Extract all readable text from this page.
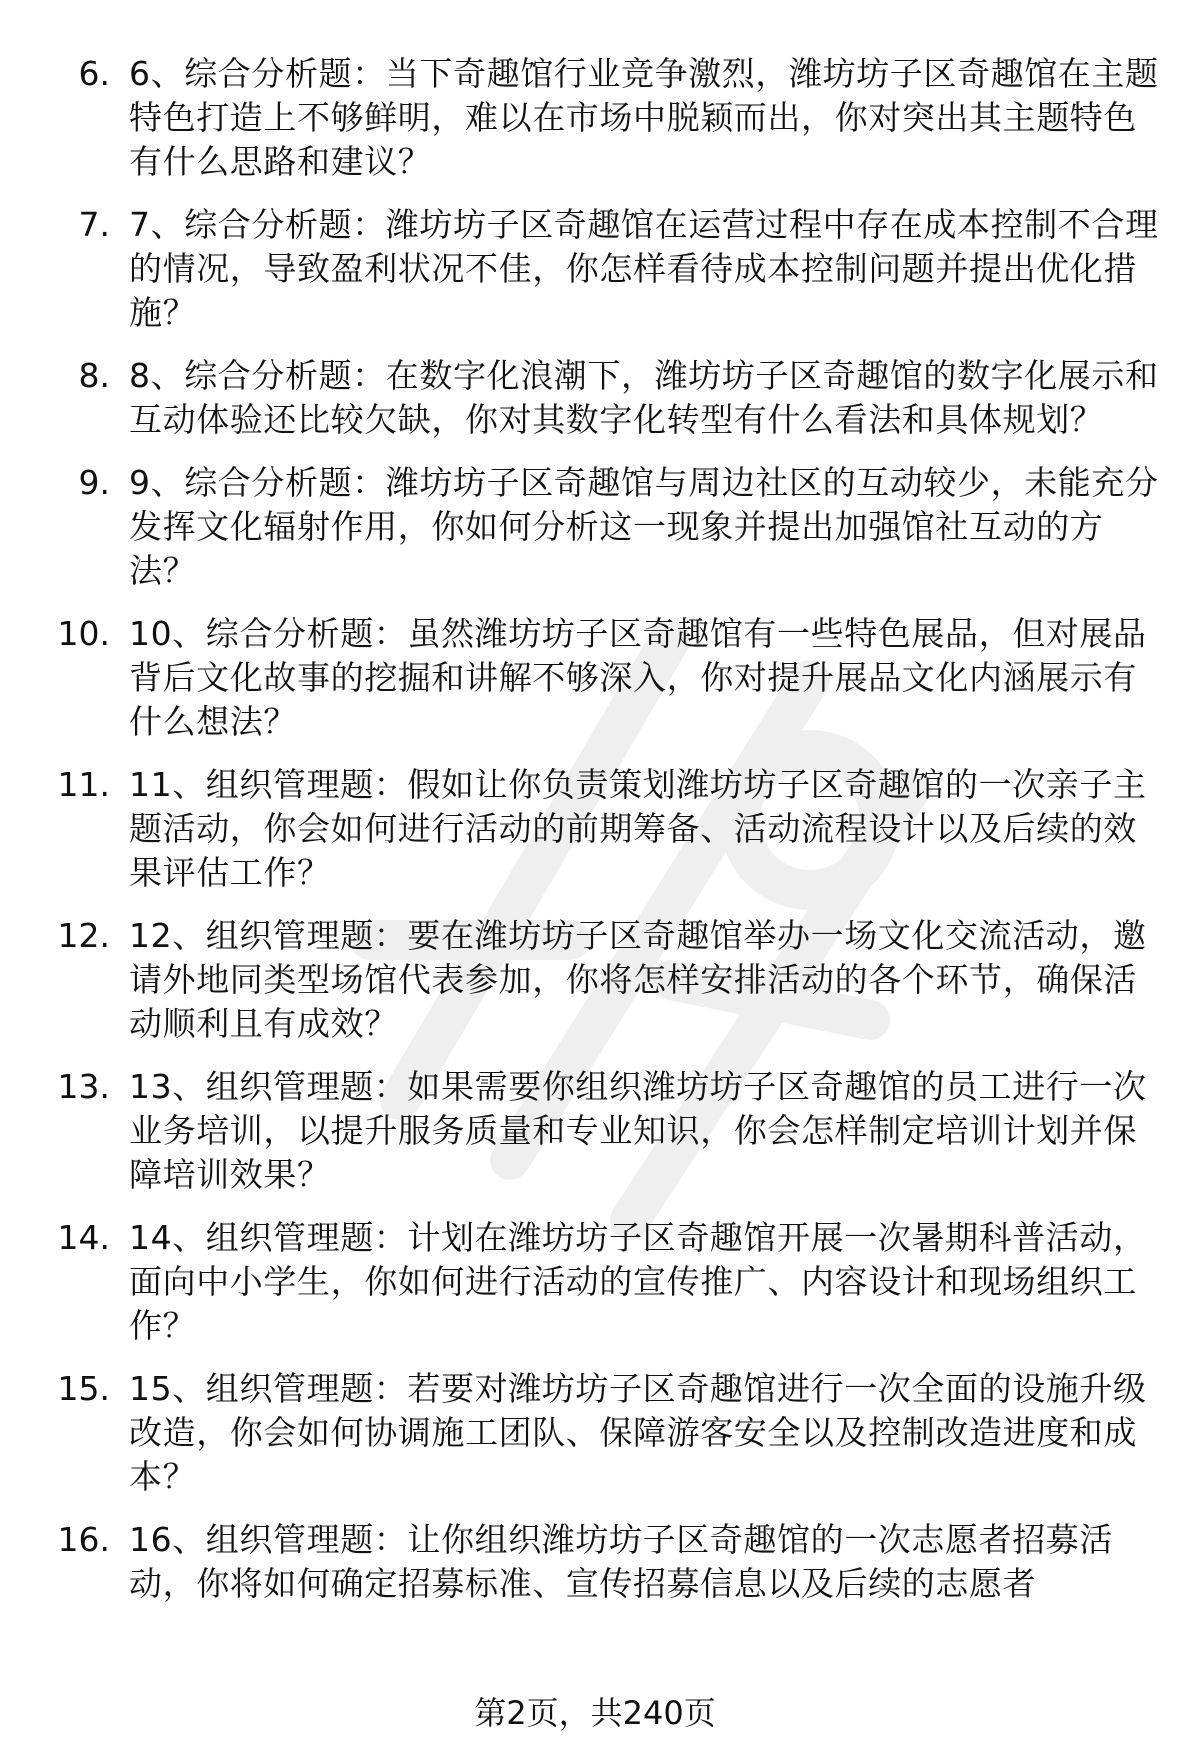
6. 6、综合分析题：当下奇趣馆行业竞争激烈，潍坊坊子区奇趣馆在主题特色打造上不够鲜明，难以在市场中脱颖而出，你对突出其主题特色有什么思路和建议？
7. 7、综合分析题：潍坊坊子区奇趣馆在运营过程中存在成本控制不合理的情况，导致盈利状况不佳，你怎样看待成本控制问题并提出优化措施？
8. 8、综合分析题：在数字化浪潮下，潍坊坊子区奇趣馆的数字化展示和互动体验还比较欠缺，你对其数字化转型有什么看法和具体规划？
9. 9、综合分析题：潍坊坊子区奇趣馆与周边社区的互动较少，未能充分发挥文化辐射作用，你如何分析这一现象并提出加强馆社互动的方法？
10. 10、综合分析题：虽然潍坊坊子区奇趣馆有一些特色展品，但对展品背后文化故事的挖掘和讲解不够深入，你对提升展品文化内涵展示有什么想法？
11. 11、组织管理题：假如让你负责策划潍坊坊子区奇趣馆的一次亲子主题活动，你会如何进行活动的前期筹备、活动流程设计以及后续的效果评估工作？
12. 12、组织管理题：要在潍坊坊子区奇趣馆举办一场文化交流活动，邀请外地同类型场馆代表参加，你将怎样安排活动的各个环节，确保活动顺利且有成效？
13. 13、组织管理题：如果需要你组织潍坊坊子区奇趣馆的员工进行一次业务培训，以提升服务质量和专业知识，你会怎样制定培训计划并保障培训效果？
14. 14、组织管理题：计划在潍坊坊子区奇趣馆开展一次暑期科普活动，面向中小学生，你如何进行活动的宣传推广、内容设计和现场组织工作？
15. 15、组织管理题：若要对潍坊坊子区奇趣馆进行一次全面的设施升级改造，你会如何协调施工团队、保障游客安全以及控制改造进度和成本？
16. 16、组织管理题：让你组织潍坊坊子区奇趣馆的一次志愿者招募活动，你将如何确定招募标准、宣传招募信息以及后续的志愿者
第2页，共240页
